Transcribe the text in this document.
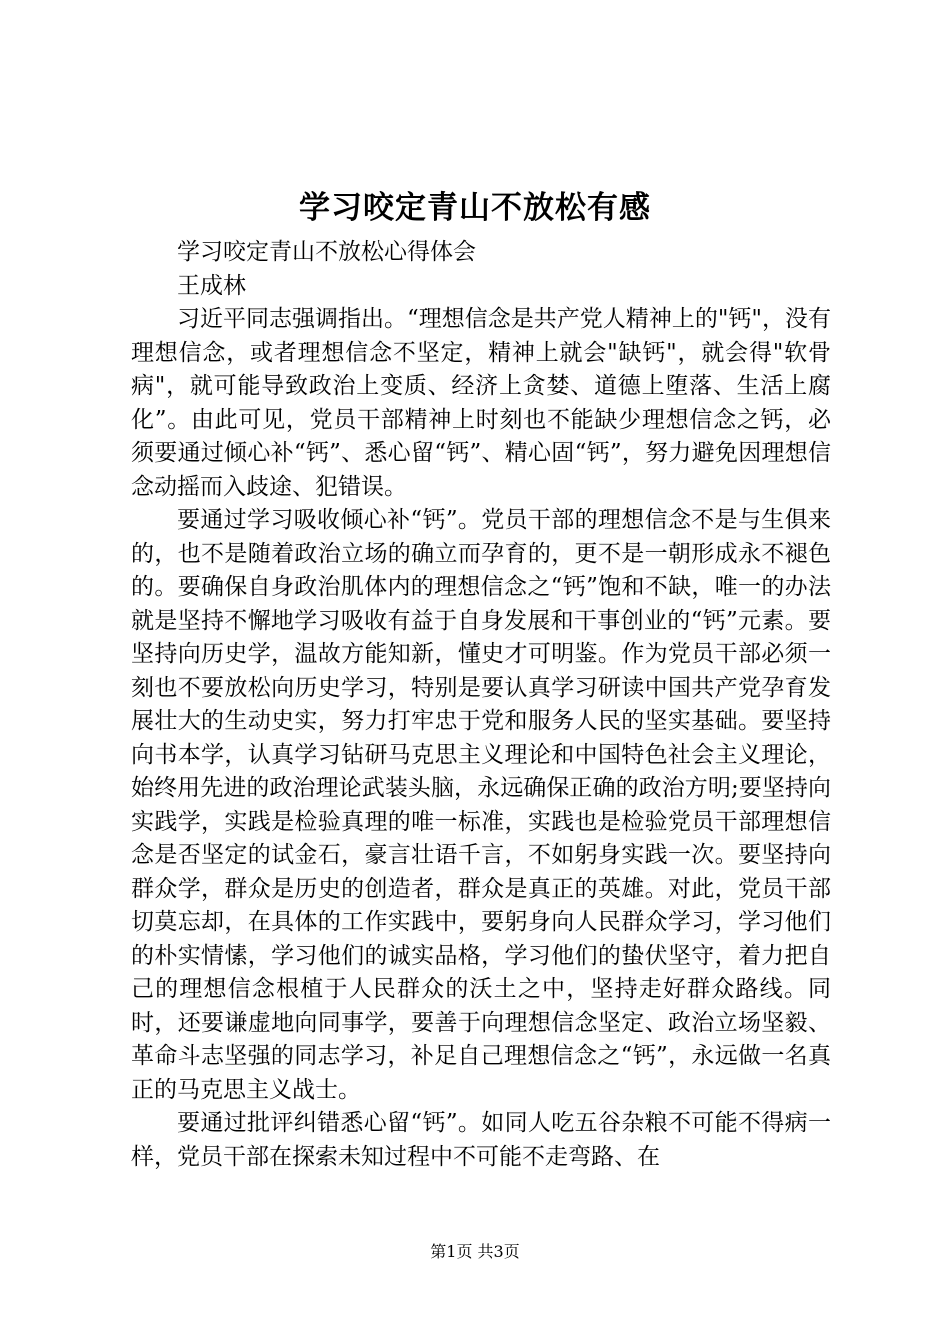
学习咬定青山不放松有感

学习咬定青山不放松心得体会

王成林

习近平同志强调指出。“理想信念是共产党人精神上的"钙"，没有理想信念，或者理想信念不坚定，精神上就会"缺钙"，就会得"软骨病"，就可能导致政治上变质、经济上贪婪、道德上堕落、生活上腐化”。由此可见，党员干部精神上时刻也不能缺少理想信念之钙，必须要通过倾心补“钙”、悉心留“钙”、精心固“钙”，努力避免因理想信念动摇而入歧途、犯错误。

要通过学习吸收倾心补“钙”。党员干部的理想信念不是与生俱来的，也不是随着政治立场的确立而孕育的，更不是一朝形成永不褪色的。要确保自身政治肌体内的理想信念之“钙”饱和不缺，唯一的办法就是坚持不懈地学习吸收有益于自身发展和干事创业的“钙”元素。要坚持向历史学，温故方能知新，懂史才可明鉴。作为党员干部必须一刻也不要放松向历史学习，特别是要认真学习研读中国共产党孕育发展壮大的生动史实，努力打牢忠于党和服务人民的坚实基础。要坚持向书本学，认真学习钻研马克思主义理论和中国特色社会主义理论，始终用先进的政治理论武装头脑，永远确保正确的政治方明;要坚持向实践学，实践是检验真理的唯一标准，实践也是检验党员干部理想信念是否坚定的试金石，豪言壮语千言，不如躬身实践一次。要坚持向群众学，群众是历史的创造者，群众是真正的英雄。对此，党员干部切莫忘却，在具体的工作实践中，要躬身向人民群众学习，学习他们的朴实情愫，学习他们的诚实品格，学习他们的蛰伏坚守，着力把自己的理想信念根植于人民群众的沃土之中，坚持走好群众路线。同时，还要谦虚地向同事学，要善于向理想信念坚定、政治立场坚毅、革命斗志坚强的同志学习，补足自己理想信念之“钙”，永远做一名真正的马克思主义战士。

要通过批评纠错悉心留“钙”。如同人吃五谷杂粮不可能不得病一样，党员干部在探索未知过程中不可能不走弯路、在

第1页 共3页
